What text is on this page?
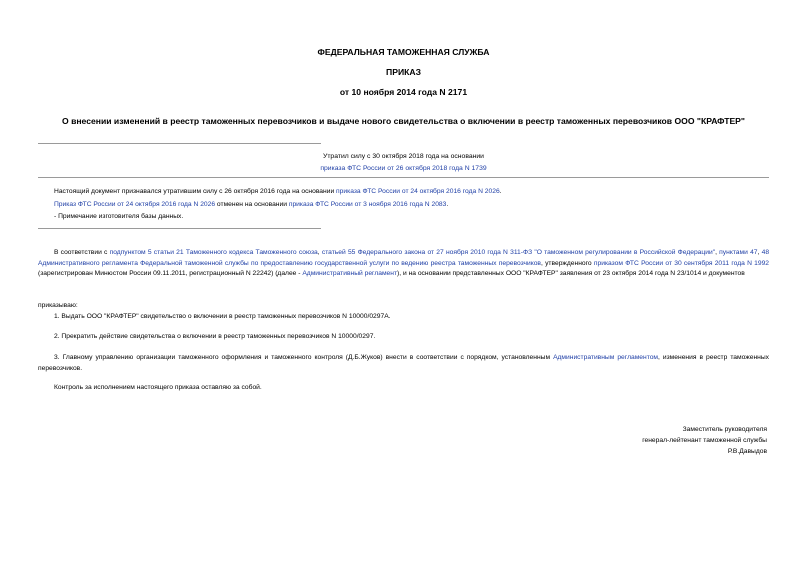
ФЕДЕРАЛЬНАЯ ТАМОЖЕННАЯ СЛУЖБА
ПРИКАЗ
от 10 ноября 2014 года N 2171
О внесении изменений в реестр таможенных перевозчиков и выдаче нового свидетельства о включении в реестр таможенных перевозчиков ООО "КРАФТЕР"
Утратил силу с 30 октября 2018 года на основании
приказа ФТС России от 26 октября 2018 года N 1739
Настоящий документ признавался утратившим силу с 26 октября 2016 года на основании приказа ФТС России от 24 октября 2016 года N 2026.
Приказ ФТС России от 24 октября 2016 года N 2026 отменен на основании приказа ФТС России от 3 ноября 2016 года N 2083.
- Примечание изготовителя базы данных.
В соответствии с подпунктом 5 статьи 21 Таможенного кодекса Таможенного союза, статьей 55 Федерального закона от 27 ноября 2010 года N 311-ФЗ "О таможенном регулировании в Российской Федерации", пунктами 47, 48 Административного регламента Федеральной таможенной службы по предоставлению государственной услуги по ведению реестра таможенных перевозчиков, утвержденного приказом ФТС России от 30 сентября 2011 года N 1992 (зарегистрирован Минюстом России 09.11.2011, регистрационный N 22242) (далее - Административный регламент), и на основании представленных ООО "КРАФТЕР" заявления от 23 октября 2014 года N 23/1014 и документов
приказываю:
1. Выдать ООО "КРАФТЕР" свидетельство о включении в реестр таможенных перевозчиков N 10000/0297А.
2. Прекратить действие свидетельства о включении в реестр таможенных перевозчиков N 10000/0297.
3. Главному управлению организации таможенного оформления и таможенного контроля (Д.Б.Жуков) внести в соответствии с порядком, установленным Административным регламентом, изменения в реестр таможенных перевозчиков.
Контроль за исполнением настоящего приказа оставляю за собой.
Заместитель руководителя
генерал-лейтенант таможенной службы
Р.В.Давыдов
